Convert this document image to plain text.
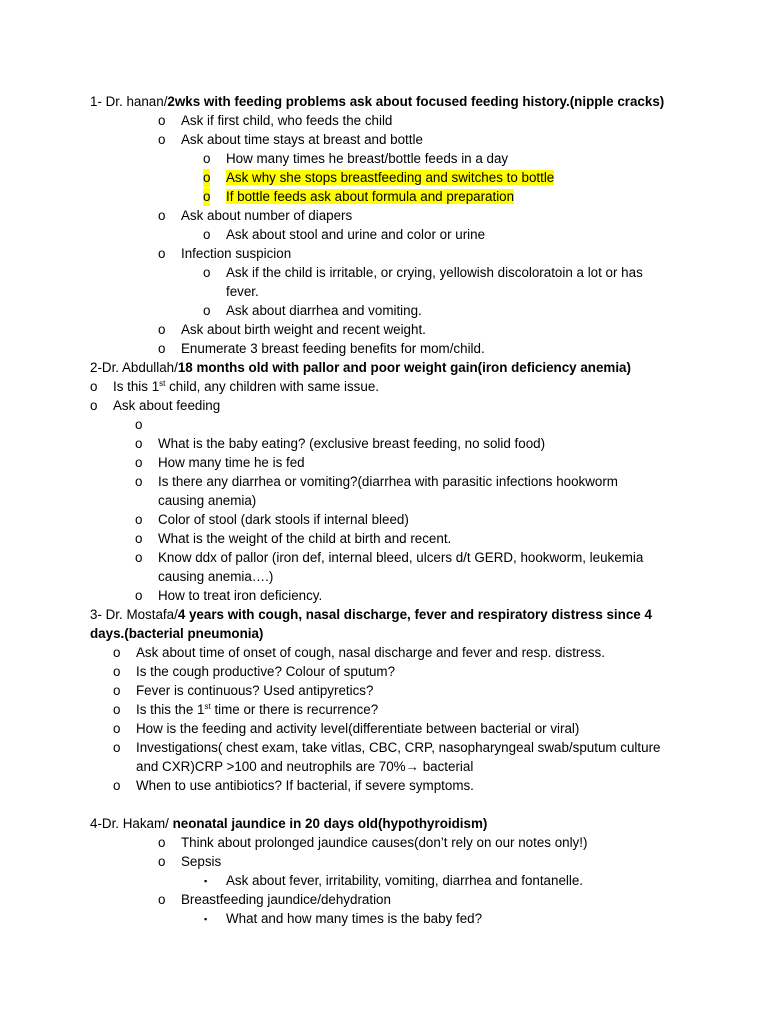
1- Dr. hanan/2wks with feeding problems ask about focused feeding history.(nipple cracks)
o Ask if first child, who feeds the child
o Ask about time stays at breast and bottle
o How many times he breast/bottle feeds in a day
o Ask why she stops breastfeeding and switches to bottle
o If bottle feeds ask about formula and preparation
o Ask about number of diapers
o Ask about stool and urine and color or urine
o Infection suspicion
o Ask if the child is irritable, or crying, yellowish discoloratoin a lot or has
fever.
o Ask about diarrhea and vomiting.
o Ask about birth weight and recent weight.
o Enumerate 3 breast feeding benefits for mom/child.
2-Dr. Abdullah/18 months old with pallor and poor weight gain(iron deficiency anemia)
o Is this 1st child, any children with same issue.
o Ask about feeding
o
o What is the baby eating? (exclusive breast feeding, no solid food)
o How many time he is fed
o Is there any diarrhea or vomiting?(diarrhea with parasitic infections hookworm
causing anemia)
o Color of stool (dark stools if internal bleed)
o What is the weight of the child at birth and recent.
o Know ddx of pallor (iron def, internal bleed, ulcers d/t GERD, hookworm, leukemia
causing anemia….)
o How to treat iron deficiency.
3- Dr. Mostafa/4 years with cough, nasal discharge, fever and respiratory distress since 4
days.(bacterial pneumonia)
o Ask about time of onset of cough, nasal discharge and fever and resp. distress.
o Is the cough productive? Colour of sputum?
o Fever is continuous? Used antipyretics?
o Is this the 1st time or there is recurrence?
o How is the feeding and activity level(differentiate between bacterial or viral)
o Investigations( chest exam, take vitlas, CBC, CRP, nasopharyngeal swab/sputum culture
and CXR)CRP >100 and neutrophils are 70%→ bacterial
o When to use antibiotics? If bacterial, if severe symptoms.
4-Dr. Hakam/ neonatal jaundice in 20 days old(hypothyroidism)
o Think about prolonged jaundice causes(don’t rely on our notes only!)
o Sepsis
▪ Ask about fever, irritability, vomiting, diarrhea and fontanelle.
o Breastfeeding jaundice/dehydration
▪ What and how many times is the baby fed?
